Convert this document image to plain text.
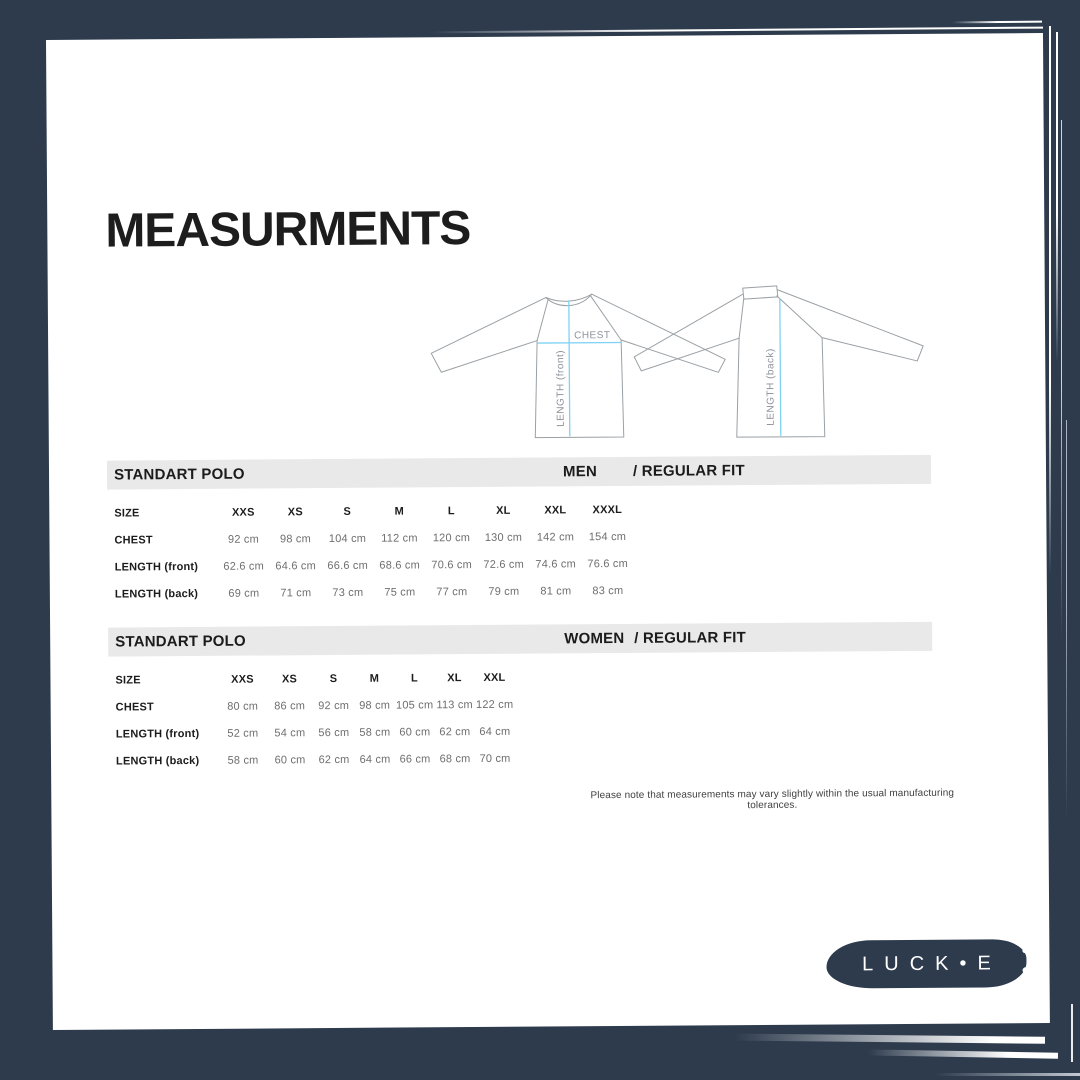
MEASURMENTS
CHEST
LENGTH (front)	LENGTH (back)
STANDART POLO	MEN / REGULAR FIT
SIZE	XXS	XS	S	M	L	XL	XXL	XXXL
CHEST	92 cm	98 cm	104 cm	112 cm	120 cm	130 cm	142 cm	154 cm
LENGTH (front)	62.6 cm	64.6 cm	66.6 cm	68.6 cm	70.6 cm	72.6 cm	74.6 cm	76.6 cm
LENGTH (back)	69 cm	71 cm	73 cm	75 cm	77 cm	79 cm	81 cm	83 cm
STANDART POLO	WOMEN / REGULAR FIT
SIZE	XXS	XS	S	M	L	XL	XXL
CHEST	80 cm	86 cm	92 cm 98 cm 105 cm 113 cm 122 cm
LENGTH (front)	52 cm	54 cm	56 cm 58 cm 60 cm 62 cm 64 cm
LENGTH (back)	58 cm	60 cm	62 cm 64 cm 66 cm 68 cm 70 cm
Please note that measurements may vary slightly within the usual manufacturing tolerances.
LUCK•E
